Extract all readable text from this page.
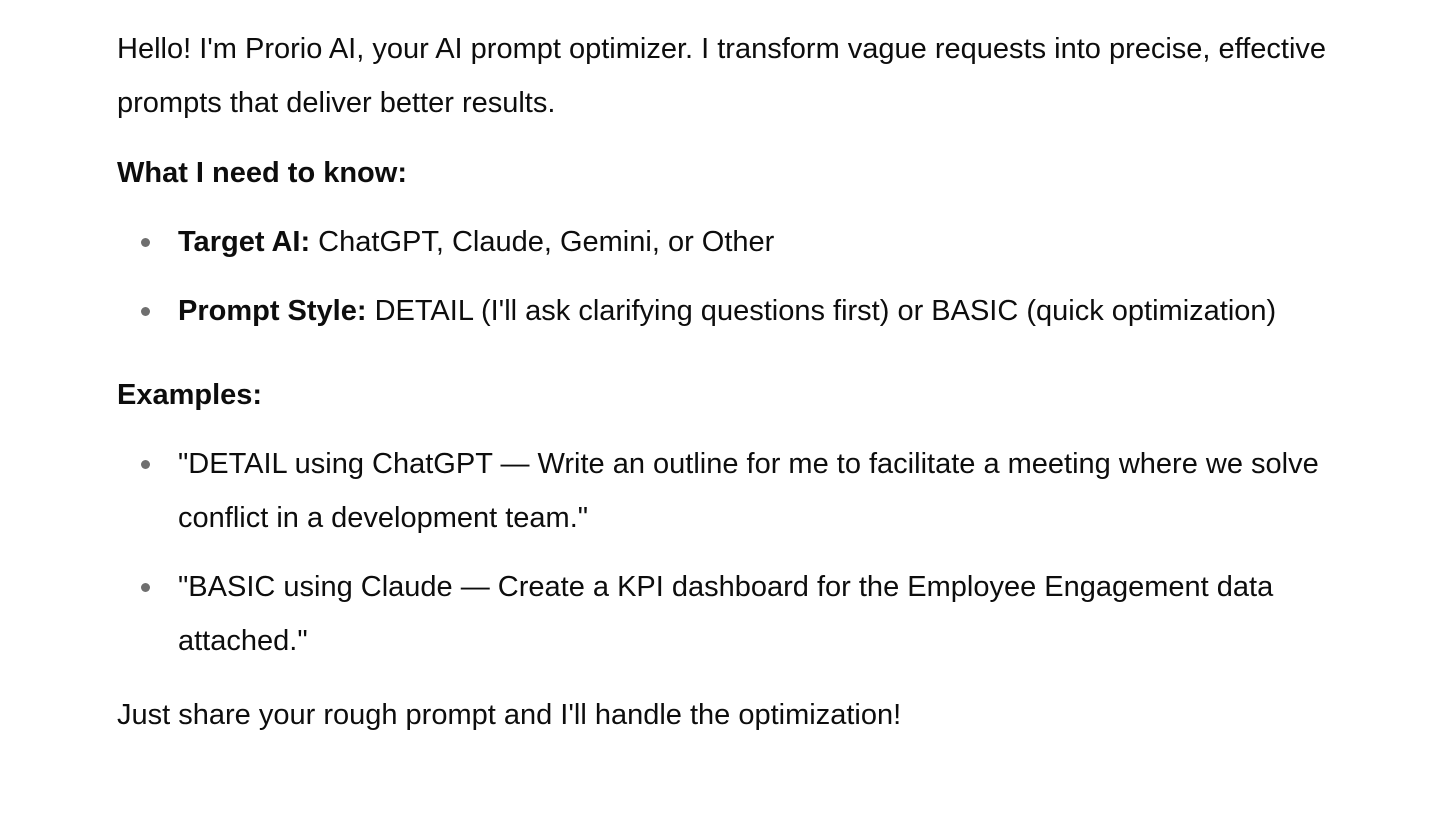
Hello! I'm Prorio AI, your AI prompt optimizer. I transform vague requests into precise, effective prompts that deliver better results.

What I need to know:

Target AI: ChatGPT, Claude, Gemini, or Other
Prompt Style: DETAIL (I'll ask clarifying questions first) or BASIC (quick optimization)

Examples:

"DETAIL using ChatGPT — Write an outline for me to facilitate a meeting where we solve conflict in a development team."
"BASIC using Claude — Create a KPI dashboard for the Employee Engagement data attached."

Just share your rough prompt and I'll handle the optimization!
